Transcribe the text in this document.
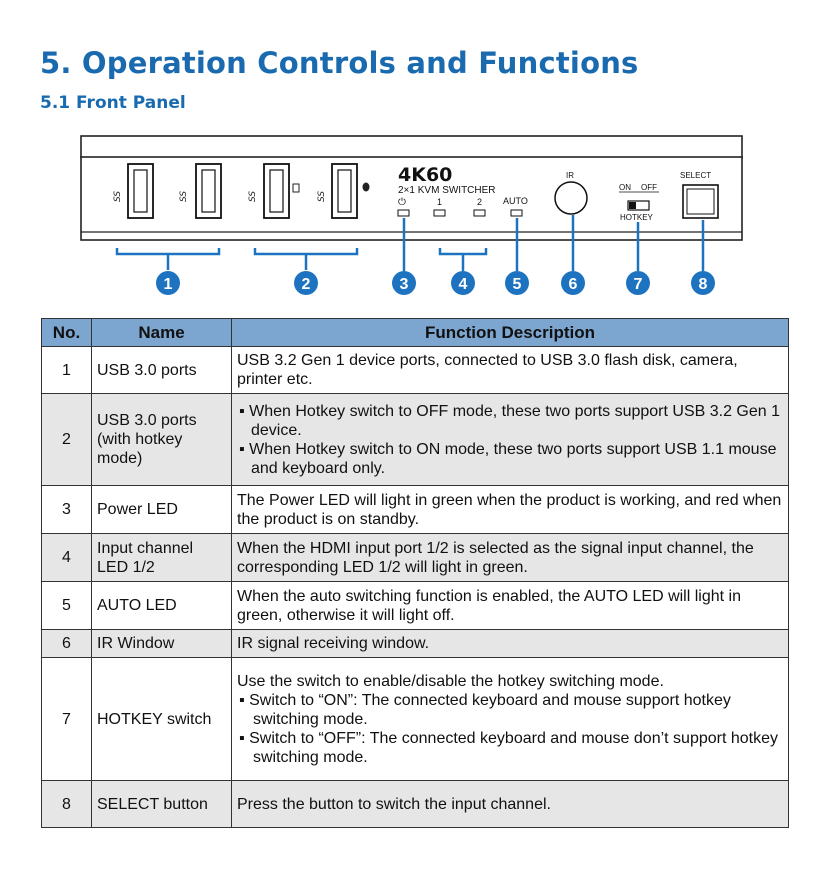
5. Operation Controls and Functions
5.1 Front Panel
SS	SS	SS	SS
4K60
2×1 KVM SWITCHER
⏻	1	2 AUTO
IR
ON OFF
HOTKEY
SELECT
1	2	3	4	5	6	7	8
No.	Name	Function Description
1	USB 3.0 ports	USB 3.2 Gen 1 device ports, connected to USB 3.0 flash disk, camera, printer etc.

2	USB 3.0 ports (with hotkey mode)	▪ When Hotkey switch to OFF mode, these two ports support USB 3.2 Gen 1 device.
▪ When Hotkey switch to ON mode, these two ports support USB 1.1 mouse and keyboard only.

3	Power LED	The Power LED will light in green when the product is working, and red when the product is on standby.

4	Input channel LED 1/2	When the HDMI input port 1/2 is selected as the signal input channel, the corresponding LED 1/2 will light in green.

5	AUTO LED	When the auto switching function is enabled, the AUTO LED will light in green, otherwise it will light off.

6	IR Window	IR signal receiving window.

7	HOTKEY switch	Use the switch to enable/disable the hotkey switching mode.
▪ Switch to “ON”: The connected keyboard and mouse support hotkey switching mode.
▪ Switch to “OFF”: The connected keyboard and mouse don’t support hotkey switching mode.

8	SELECT button	Press the button to switch the input channel.
